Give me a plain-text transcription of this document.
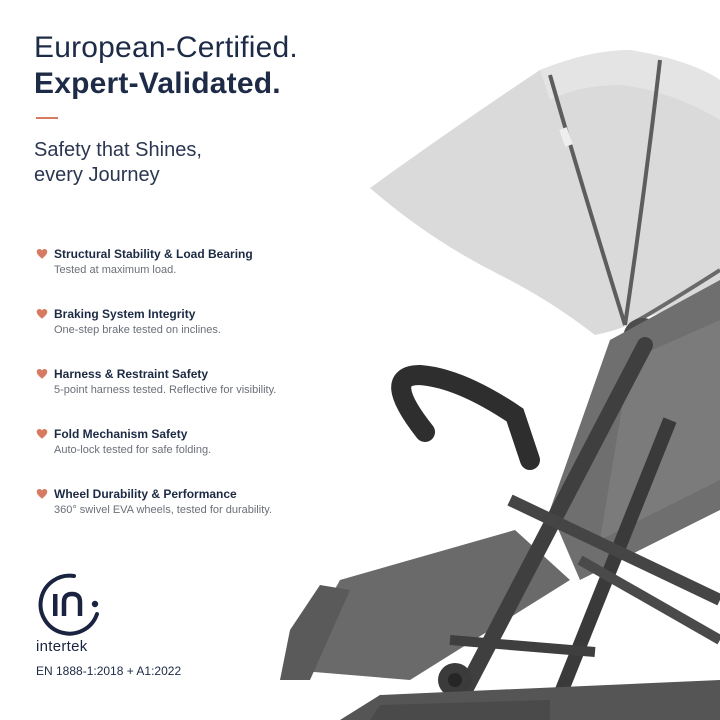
European-Certified.
Expert-Validated.
Safety that Shines,
every Journey
Structural Stability & Load Bearing
Tested at maximum load.
Braking System Integrity
One-step brake tested on inclines.
Harness & Restraint Safety
5-point harness tested. Reflective for visibility.
Fold Mechanism Safety
Auto-lock tested for safe folding.
Wheel Durability & Performance
360° swivel EVA wheels, tested for durability.
intertek
EN 1888-1:2018 + A1:2022
